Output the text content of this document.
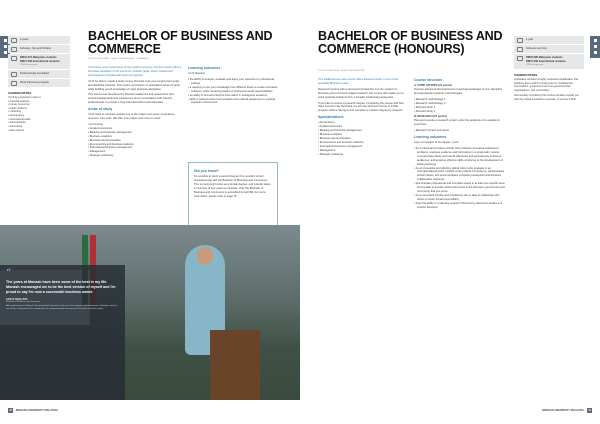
3 years
February, July and October
RM45,273 Malaysian students
RM47,469 International students
*2018 fees per year
Professionally accredited
Work placement program
CAREER PATHS
You'll be prepared to work in:
• financial analysis
• human resources
• public relations
• marketing
• accountancy
• international trade
• administration
• advertising
• data science.
BACHELOR OF BUSINESS AND COMMERCE
CRICOS CODE 00008C · MQA CODE R/340/6/0002 · MQA/FA5010

Commerce is the cornerstone of the modern economy, and this course offers a first-class education in the economic, political, legal, social, cultural and technological principles that hold it all together.

You'll be able to create a study course that best suits your employment goals and discipline interests. This means you'll focus on specialised areas of study while building sound knowledge of major business disciplines.

This course was developed by Monash academics and researchers from various backgrounds and experiences and in consultation with industry professionals, to provide a truly international-focused education.

Areas of study

You'll need to complete at least one of the majors and seven compulsory, common, core units. We offer nine majors and more to come:

• Accounting
• Applied economics
• Banking and financial management
• Business analytics
• Business law and taxation
• Econometrics and business statistics
• International business management
• Management
• Strategic marketing.
Learning outcomes

You'll develop:

• the ability to analyse, evaluate and apply your expertise to professional settings
• a capacity to use your knowledge from different areas to create innovative solutions, while remaining aware of ethical and social responsibilities
• an ability to find and interpret information in ambiguous situations
• skills in interpersonal communication and cultural awareness in a global business environment.
Did you know?

It's possible to study a second degree from another school simultaneously with the Bachelor of Business and Commerce. This is commonly known as a double degree, and typically takes a minimum of four years to complete. Only the Bachelor of Business and Commerce is accredited by AACSB. For more information, please refer to page 76.

“
The years at Monash have been some of the best in my life. Monash encouraged me to be the best version of myself and I'm proud to say I'm now a successful business owner.
SANAS SIDIQ 2009
Bachelor of Business and Commerce
After graduating from Monash, Sanas founded a business of her own that supports small enterprises in Malaysia and has since been recognised for her contributions to entrepreneurship and women in business across the region.
38	MONASH UNIVERSITY MALAYSIA
BACHELOR OF BUSINESS AND COMMERCE (HONOURS)
CRICOS CODE 00008C · MQA CODE R/345/6/0119

This additional one-year course offers advanced study in one of the specialist Business areas.

Research content with a structured introduction into the conduct of business and economics-related research, this course will enable you to solve practical problems from a broader intellectual perspective.

If you plan to pursue a research degree, completing the course with first-class honours may fast-track you into the Doctoral Course or a PhD program without having to first complete a master's degree by research.

Specialisations
• Accountancy
• Applied economics
• Banking and financial management
• Business analytics
• Business law and taxation
• Econometrics and business statistics
• International business management
• Management
• Strategic marketing.
Course structure
A. CORE STUDIES (24 points)

Develop advanced theoretical and contextual knowledge of your discipline and appropriate research methodologies.

• Research methodology 1
• Research methodology 2
• Directed study 1
• Directed study 2
B. RESEARCH (24 points)

Plan and execute a research project under the guidance of an academic supervisor.

• Research project and report.
Learning outcomes

Upon completion of the degree, you'll:

• be a critical and creative scholar who produces innovative solutions to problems, analyses evidence and information in a systematic manner, communicates ideas and results effectively and persuasively to diverse audiences, and acquires effective skills conducive to the development of lifelong learning
• be an innovative and effective global citizen who engages in an internationalised world, exhibits cross-cultural competence, demonstrates ethical values, and accommodates competing viewpoints and achieves collaborative outcomes
• demonstrate professional and compliant works in at least one specific area and be able to provide solid involvement to the business, government and community that you serve
• be a committed scholar and practitioner who is able to collaborate with others to foster social responsibility
• have the ability to undertake research informed by advanced studies in a specific discipline.
1 year
February and July
RM45,285 Malaysian students
RM47,469 International students
*2018 fees per year
CAREER PATHS

Graduates will have a highly respected qualification that positions them well for employment in multinational corporations, government and non-governmental organisations, and universities.

Successfully completing this course will also provide you with the critical foundation necessary to pursue a PhD.

MONASH UNIVERSITY MALAYSIA	39
